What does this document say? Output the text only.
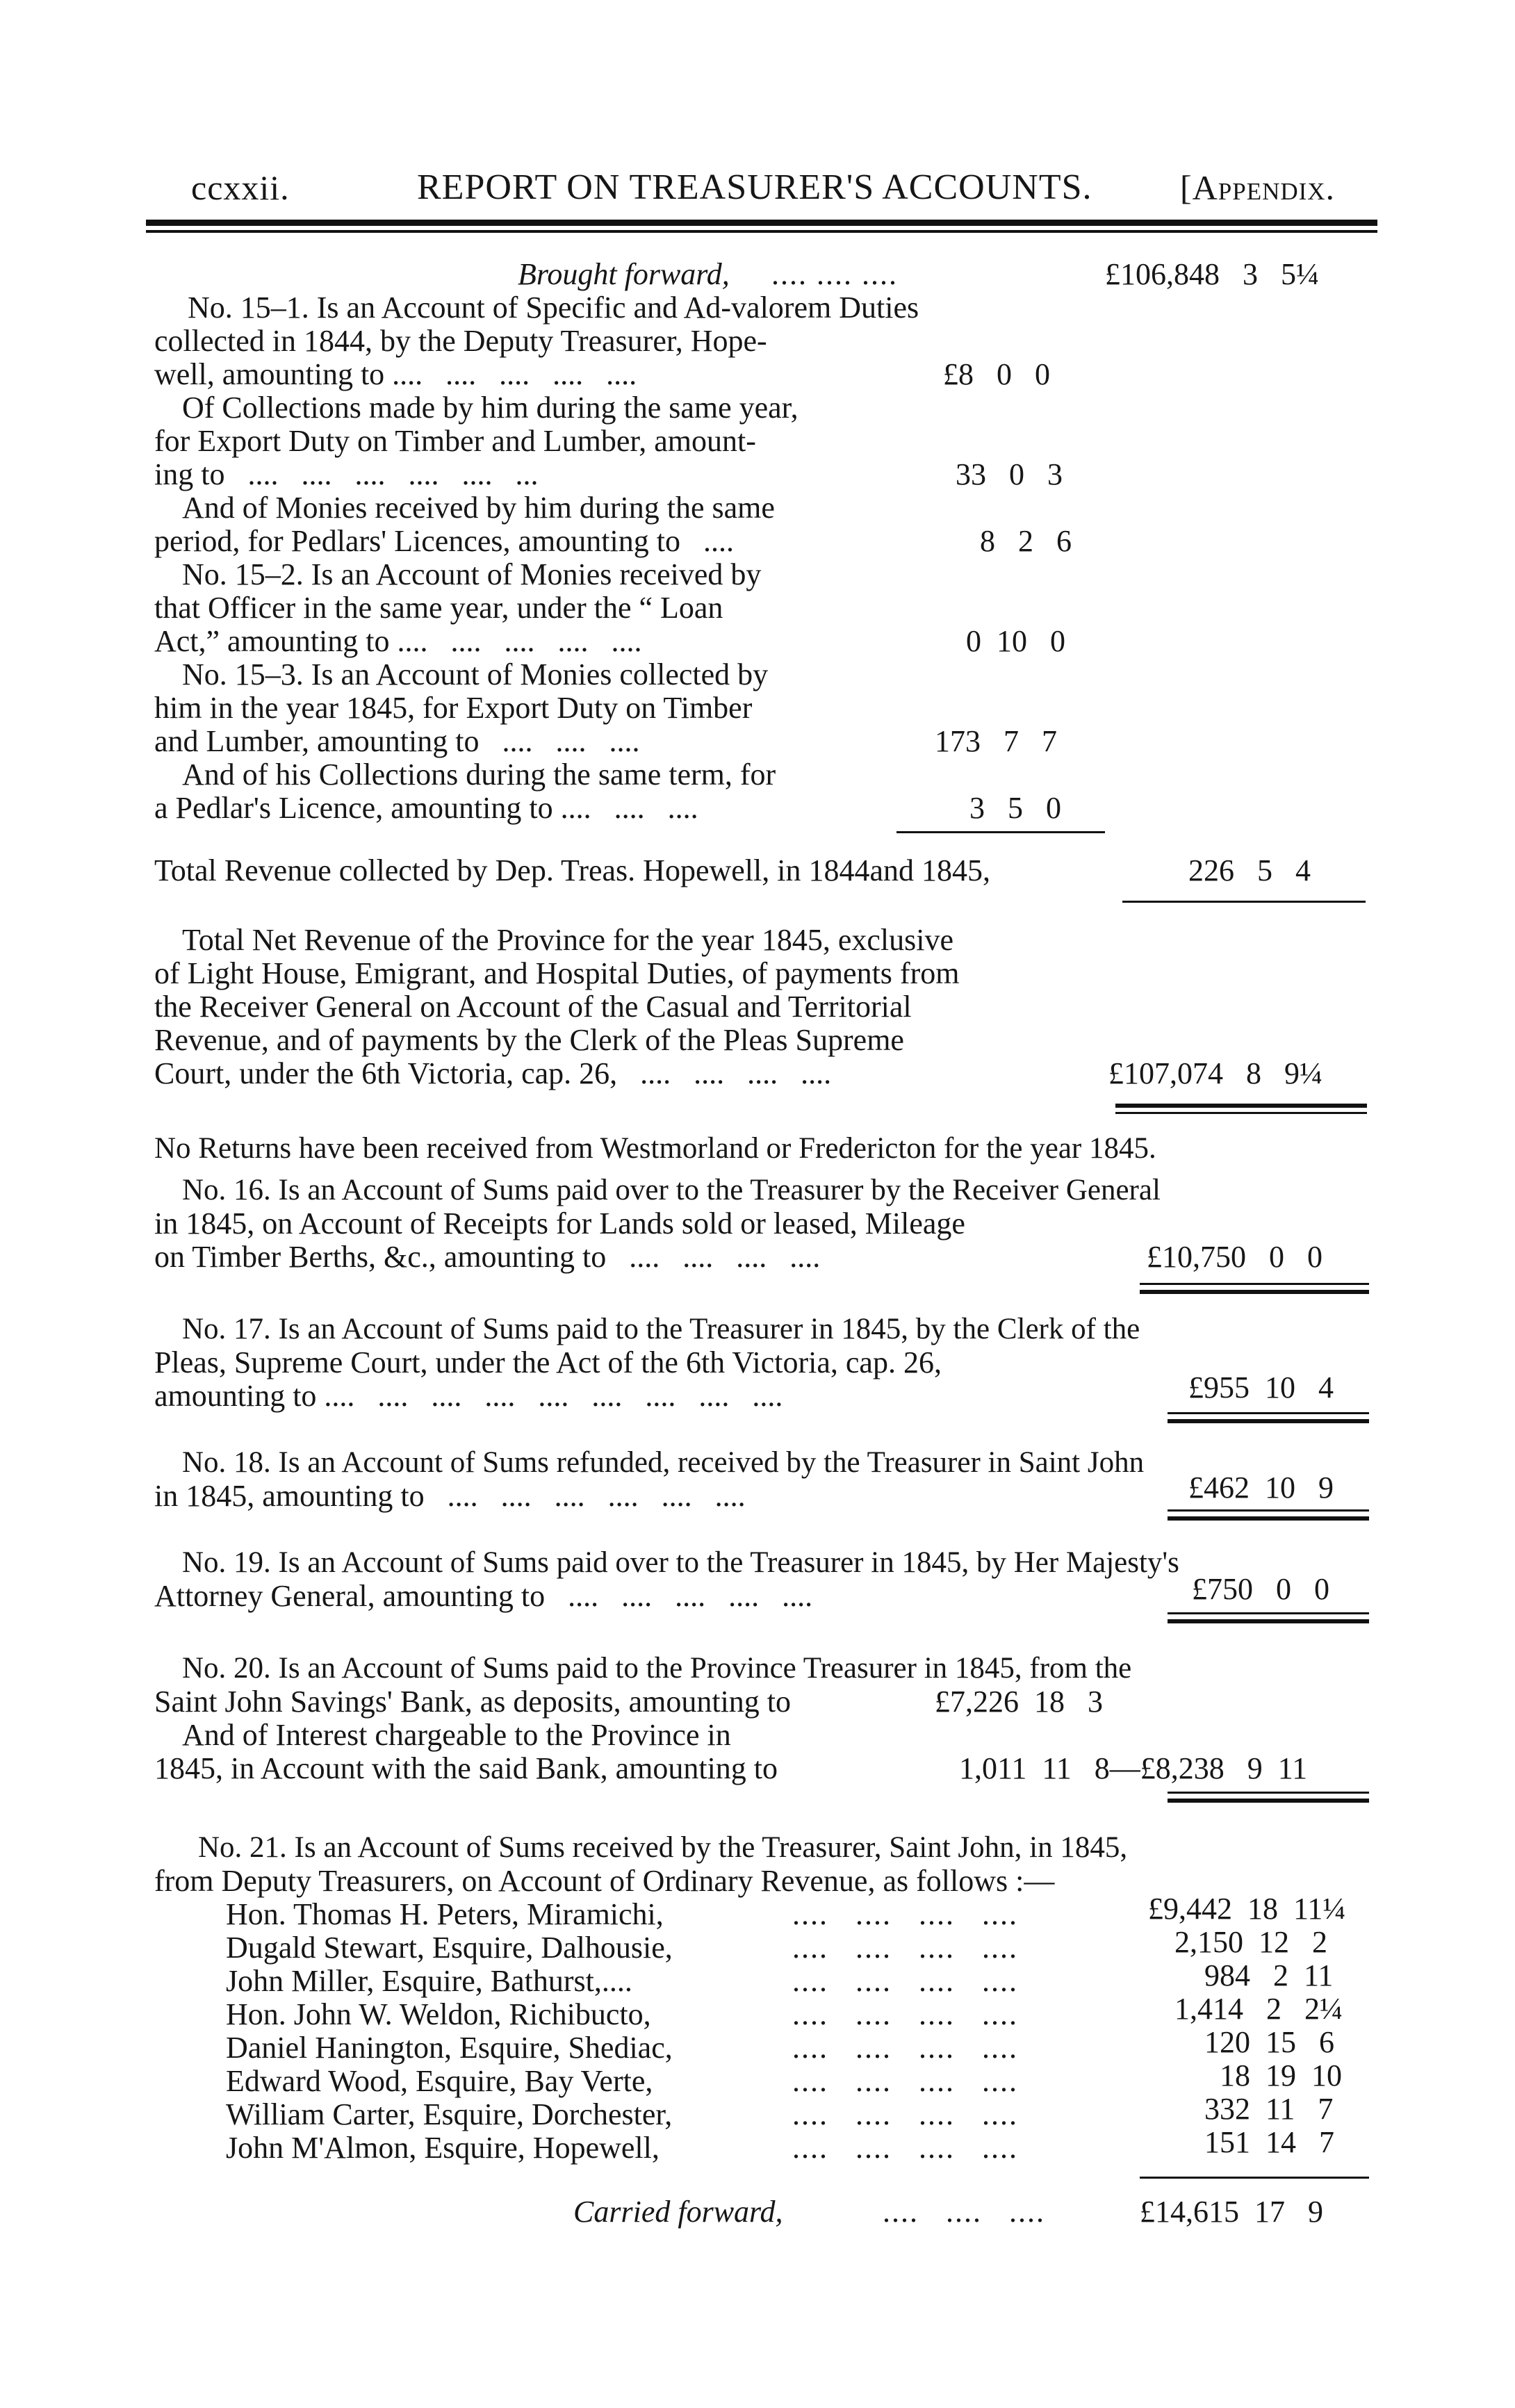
ccxxii.	REPORT ON TREASURER'S ACCOUNTS.	[Appendix.
Brought forward, .... .... ....	£106,848   3   5¼
No. 15–1. Is an Account of Specific and Ad-valorem Duties
collected in 1844, by the Deputy Treasurer, Hope-
well, amounting to ....   ....   ....   ....   ....	£8   0   0
Of Collections made by him during the same year,
for Export Duty on Timber and Lumber, amount-
ing to   ....   ....   ....   ....   ....   ...	33   0   3
And of Monies received by him during the same
period, for Pedlars' Licences, amounting to   ....	8   2   6
No. 15–2. Is an Account of Monies received by
that Officer in the same year, under the “ Loan
Act,” amounting to ....   ....   ....   ....   ....	0  10   0
No. 15–3. Is an Account of Monies collected by
him in the year 1845, for Export Duty on Timber
and Lumber, amounting to   ....   ....   ....	173   7   7
And of his Collections during the same term, for
a Pedlar's Licence, amounting to ....   ....   ....	3   5   0
Total Revenue collected by Dep. Treas. Hopewell, in 1844and 1845,	226   5   4
Total Net Revenue of the Province for the year 1845, exclusive
of Light House, Emigrant, and Hospital Duties, of payments from
the Receiver General on Account of the Casual and Territorial
Revenue, and of payments by the Clerk of the Pleas Supreme
Court, under the 6th Victoria, cap. 26,   ....   ....   ....   ....	£107,074   8   9¼
No Returns have been received from Westmorland or Fredericton for the year 1845.
No. 16. Is an Account of Sums paid over to the Treasurer by the Receiver General
in 1845, on Account of Receipts for Lands sold or leased, Mileage
on Timber Berths, &c., amounting to   ....   ....   ....   ....	£10,750   0   0
No. 17. Is an Account of Sums paid to the Treasurer in 1845, by the Clerk of the
Pleas, Supreme Court, under the Act of the 6th Victoria, cap. 26,
amounting to ....   ....   ....   ....   ....   ....   ....   ....   ....	£955  10   4
No. 18. Is an Account of Sums refunded, received by the Treasurer in Saint John
in 1845, amounting to   ....   ....   ....   ....   ....   ....	£462  10   9
No. 19. Is an Account of Sums paid over to the Treasurer in 1845, by Her Majesty's
Attorney General, amounting to   ....   ....   ....   ....   ....	£750   0   0
No. 20. Is an Account of Sums paid to the Province Treasurer in 1845, from the
Saint John Savings' Bank, as deposits, amounting to	£7,226  18   3
And of Interest chargeable to the Province in
1845, in Account with the said Bank, amounting to	1,011  11   8—£8,238   9  11
No. 21. Is an Account of Sums received by the Treasurer, Saint John, in 1845,
from Deputy Treasurers, on Account of Ordinary Revenue, as follows :—
Hon. Thomas H. Peters, Miramichi,	....   ....   ....   ....	£9,442  18  11¼
Dugald Stewart, Esquire, Dalhousie,	....   ....   ....   ....	2,150  12   2
John Miller, Esquire, Bathurst,....	....   ....   ....   ....	984   2  11
Hon. John W. Weldon, Richibucto,	....   ....   ....   ....	1,414   2   2¼
Daniel Hanington, Esquire, Shediac,	....   ....   ....   ....	120  15   6
Edward Wood, Esquire, Bay Verte,	....   ....   ....   ....	18  19  10
William Carter, Esquire, Dorchester,	....   ....   ....   ....	332  11   7
John M'Almon, Esquire, Hopewell,	....   ....   ....   ....	151  14   7
Carried forward,	....   ....   ....	£14,615  17   9
